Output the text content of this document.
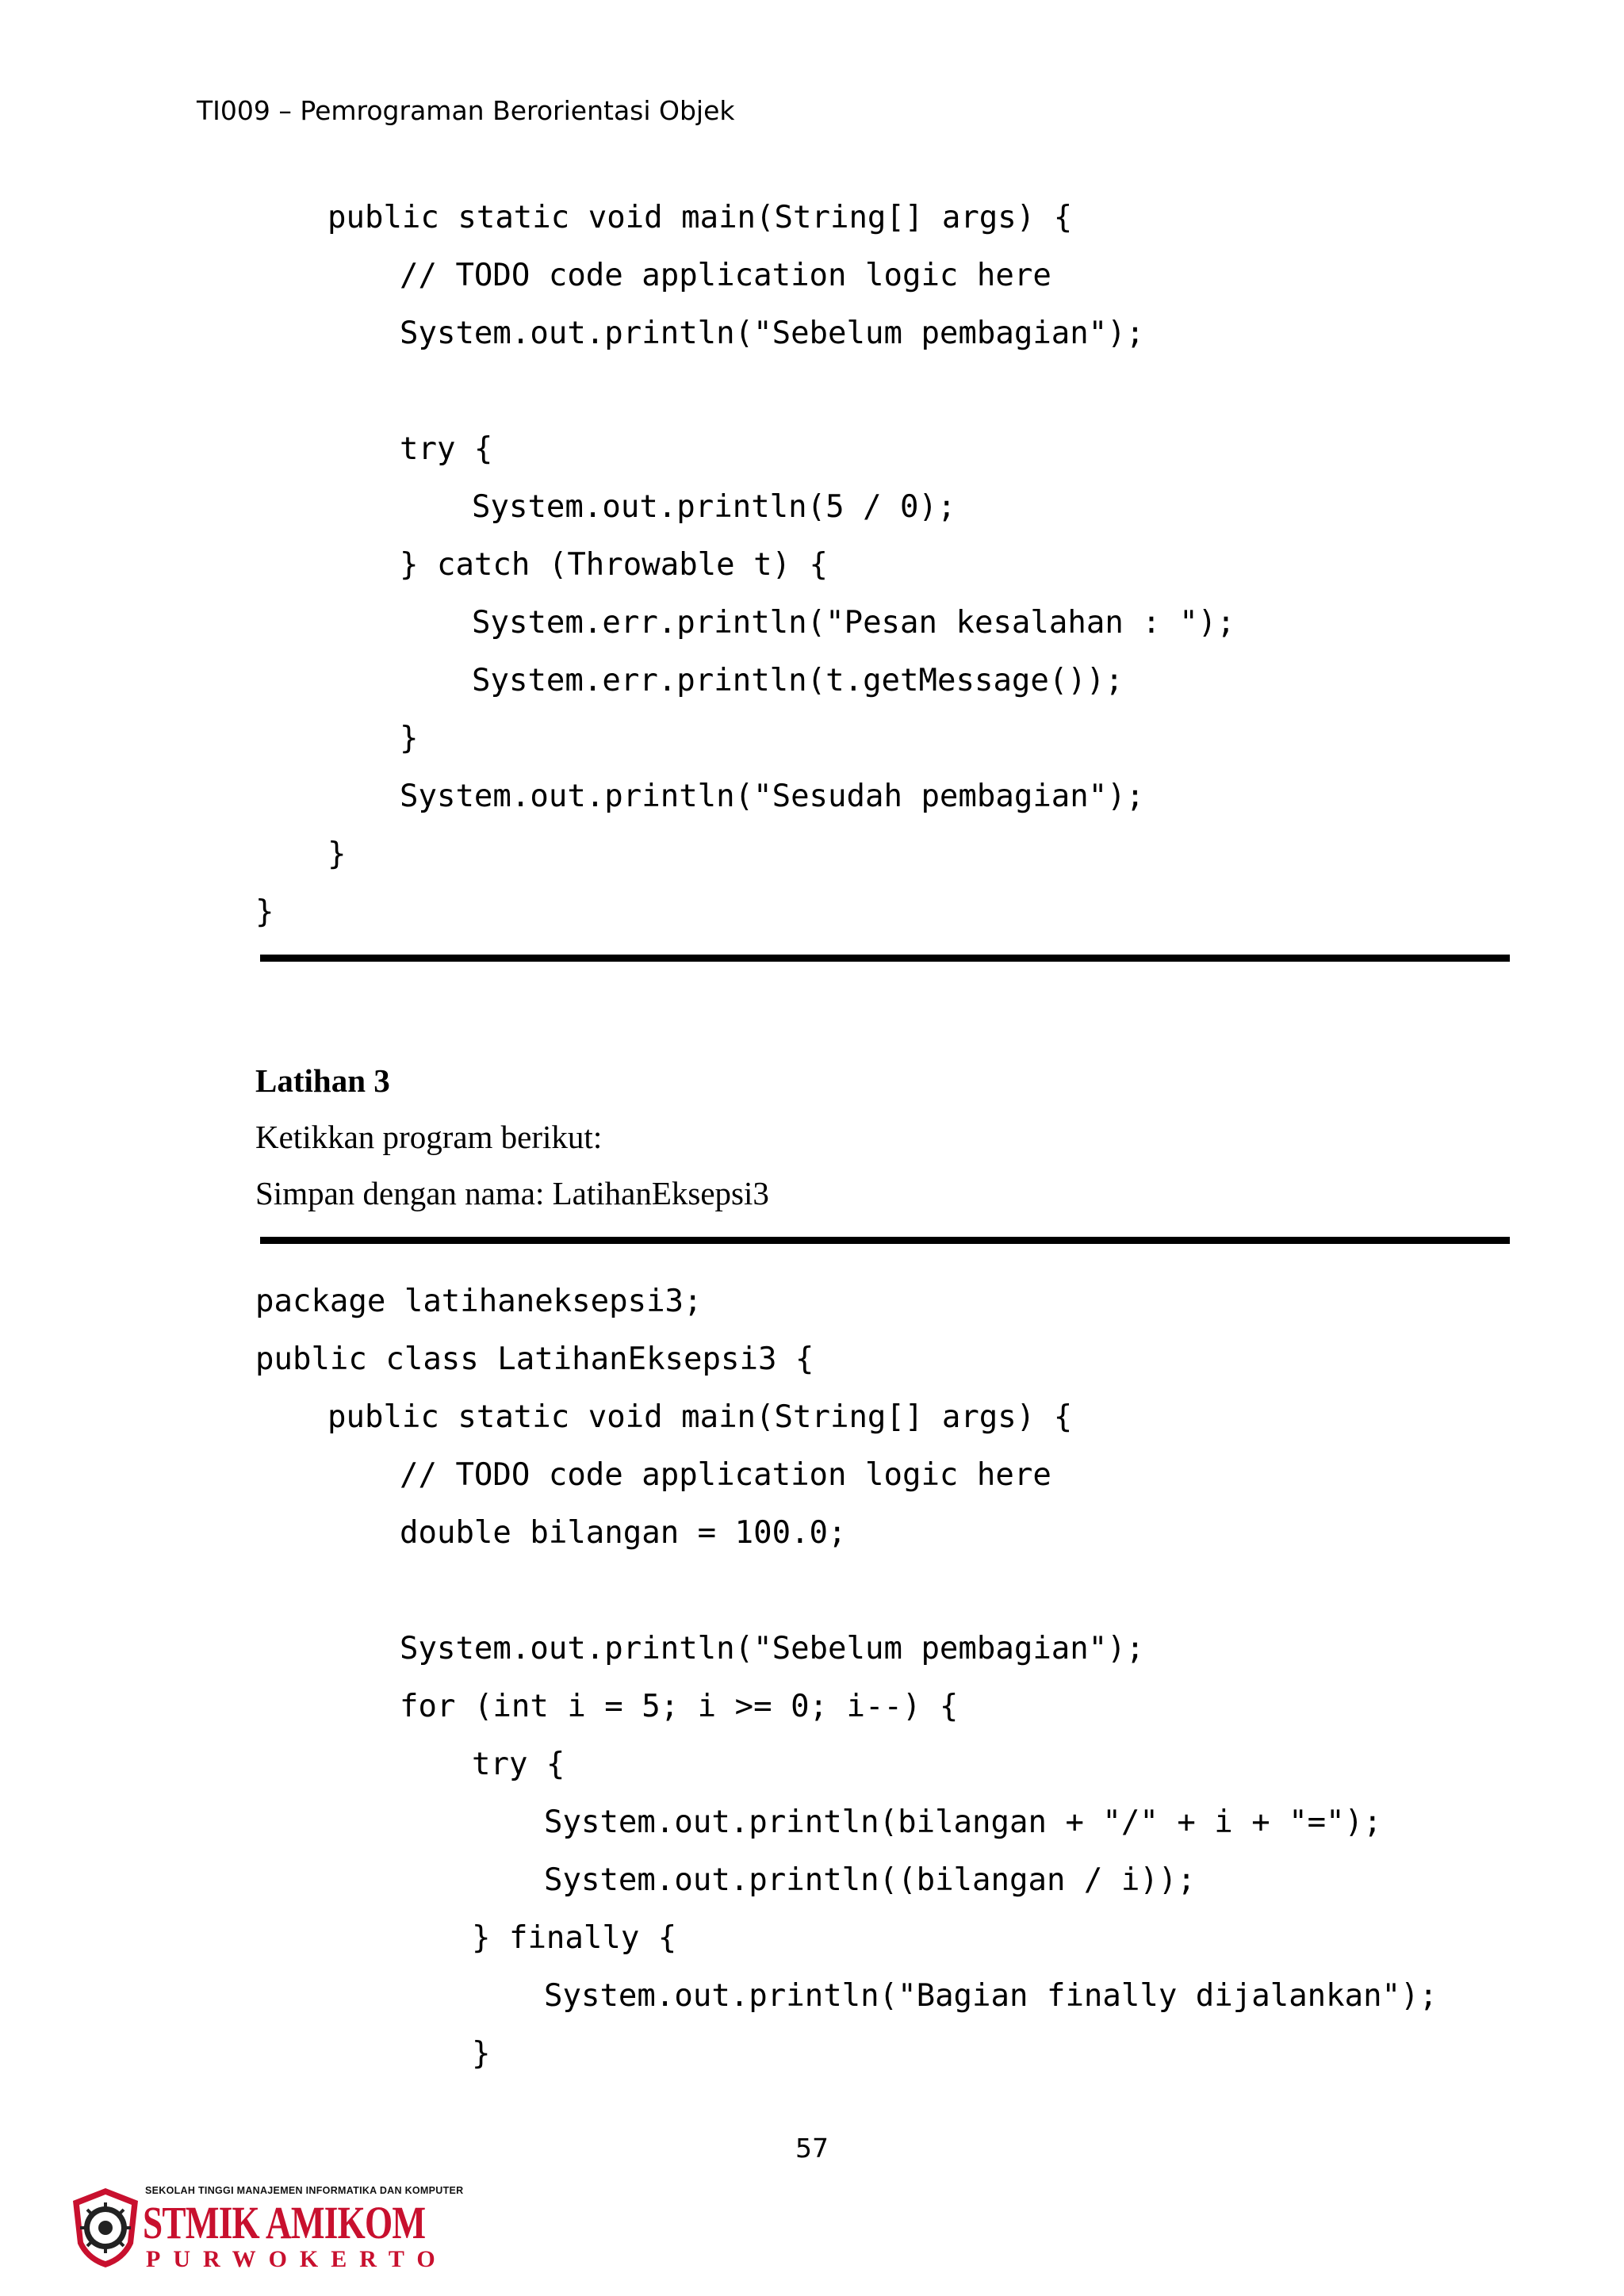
TI009 – Pemrograman Berorientasi Objek
public static void main(String[] args) {
// TODO code application logic here
System.out.println("Sebelum pembagian");
try {
System.out.println(5 / 0);
} catch (Throwable t) {
System.err.println("Pesan kesalahan : ");
System.err.println(t.getMessage());
}
System.out.println("Sesudah pembagian");
}
}
Latihan 3
Ketikkan program berikut:
Simpan dengan nama: LatihanEksepsi3
package latihaneksepsi3;
public class LatihanEksepsi3 {
public static void main(String[] args) {
// TODO code application logic here
double bilangan = 100.0;
System.out.println("Sebelum pembagian");
for (int i = 5; i >= 0; i--) {
try {
System.out.println(bilangan + "/" + i + "=");
System.out.println((bilangan / i));
} finally {
System.out.println("Bagian finally dijalankan");
}
57
SEKOLAH TINGGI MANAJEMEN INFORMATIKA DAN KOMPUTER
STMIK AMIKOM
PURWOKERTO
